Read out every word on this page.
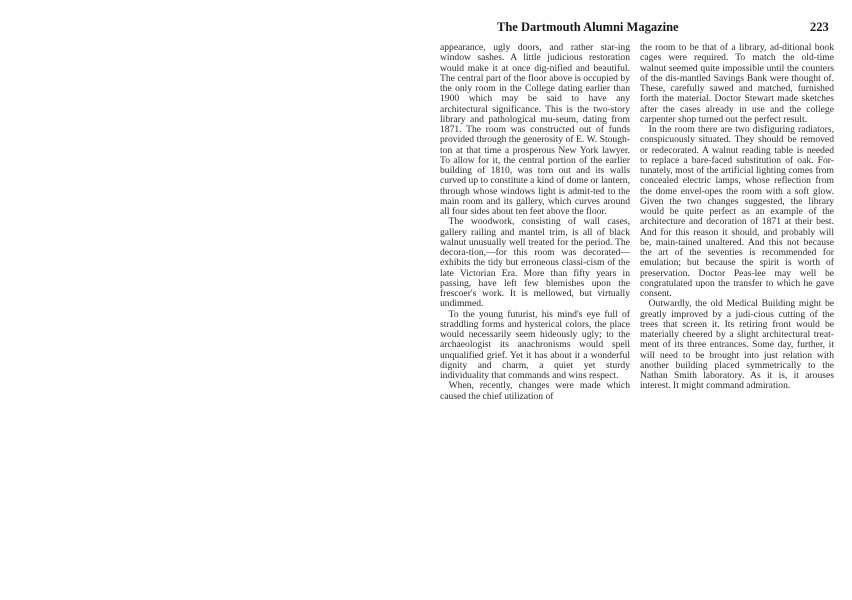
The Dartmouth Alumni Magazine	223

appearance, ugly doors, and rather star-ing window sashes. A little judicious restoration would make it at once dig-nified and beautiful. The central part of the floor above is occupied by the only room in the College dating earlier than 1900 which may be said to have any architectural significance. This is the two-story library and pathological mu-seum, dating from 1871. The room was constructed out of funds provided through the generosity of E. W. Stough-ton at that time a prosperous New York lawyer. To allow for it, the central portion of the earlier building of 1810, was torn out and its walls curved up to constitute a kind of dome or lantern, through whose windows light is admit-ted to the main room and its gallery, which curves around all four sides about ten feet above the floor.

The woodwork, consisting of wall cases, gallery railing and mantel trim, is all of black walnut unusually well treated for the period. The decora-tion,—for this room was decorated—exhibits the tidy but erroneous classi-cism of the late Victorian Era. More than fifty years in passing, have left few blemishes upon the frescoer's work. It is mellowed, but virtually undimmed.

To the young futurist, his mind's eye full of straddling forms and hysterical colors, the place would necessarily seem hideously ugly; to the archaeologist its anachronisms would spell unqualified grief. Yet it has about it a wonderful dignity and charm, a quiet yet sturdy individuality that commands and wins respect.

When, recently, changes were made which caused the chief utilization of

the room to be that of a library, ad-ditional book cages were required. To match the old-time walnut seemed quite impossible until the counters of the dis-mantled Savings Bank were thought of. These, carefully sawed and matched, furnished forth the material. Doctor Stewart made sketches after the cases already in use and the college carpenter shop turned out the perfect result.

In the room there are two disfiguring radiators, conspicuously situated. They should be removed or redecorated. A walnut reading table is needed to replace a bare-faced substitution of oak. For-tunately, most of the artificial lighting comes from concealed electric lamps, whose reflection from the dome envel-opes the room with a soft glow. Given the two changes suggested, the library would be quite perfect as an example of the architecture and decoration of 1871 at their best. And for this reason it should, and probably will be, main-tained unaltered. And this not because the art of the seventies is recommended for emulation; but because the spirit is worth of preservation. Doctor Peas-lee may well be congratulated upon the transfer to which he gave consent.

Outwardly, the old Medical Building might be greatly improved by a judi-cious cutting of the trees that screen it. Its retiring front would be materially cheered by a slight architectural treat-ment of its three entrances. Some day, further, it will need to be brought into just relation with another building placed symmetrically to the Nathan Smith laboratory. As it is, it arouses interest. It might command admiration.
